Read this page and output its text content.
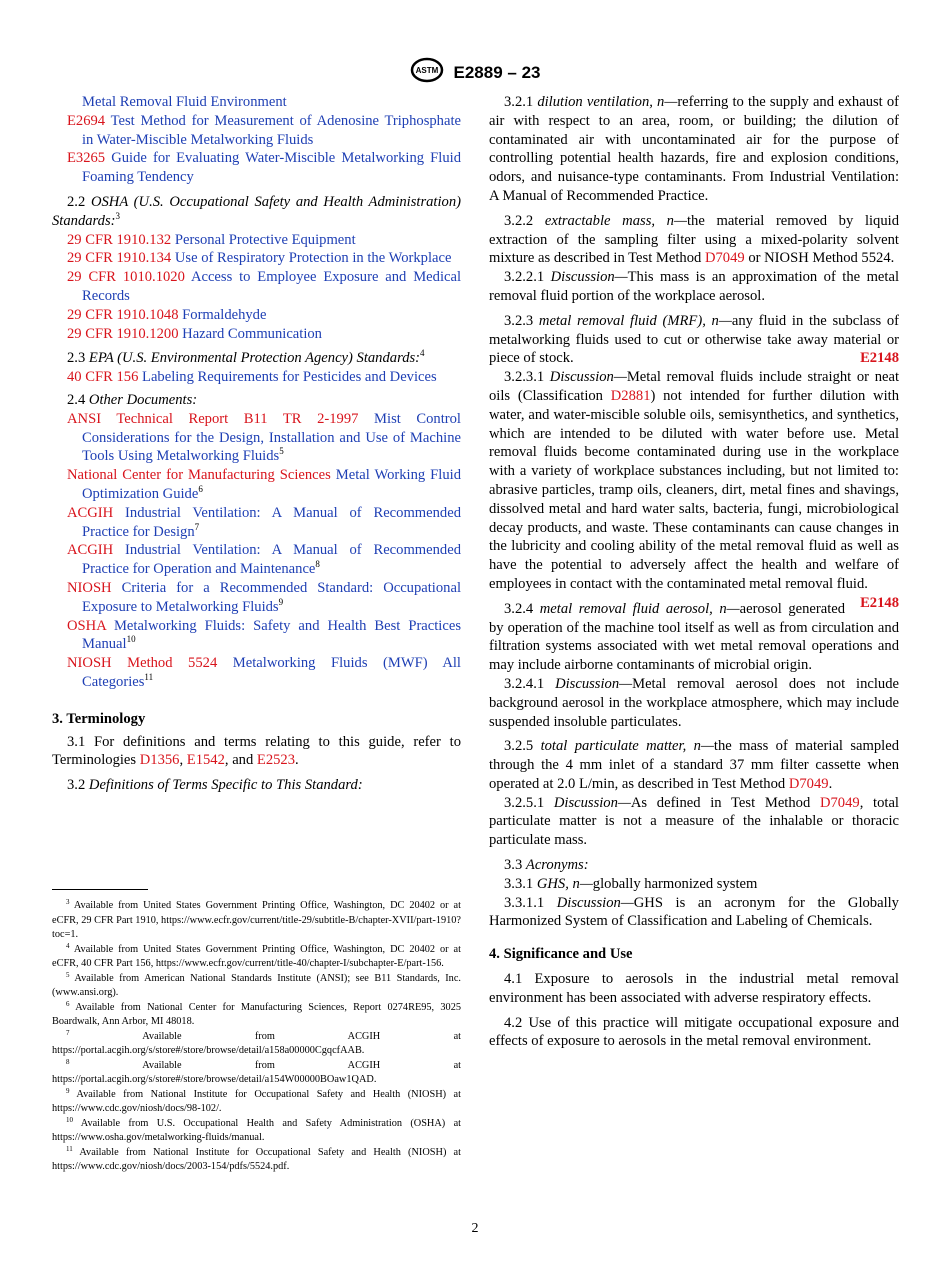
ASTM E2889 – 23

Metal Removal Fluid Environment

E2694 Test Method for Measurement of Adenosine Triphosphate in Water-Miscible Metalworking Fluids

E3265 Guide for Evaluating Water-Miscible Metalworking Fluid Foaming Tendency

2.2 OSHA (U.S. Occupational Safety and Health Administration) Standards:$^3$

29 CFR 1910.132 Personal Protective Equipment

29 CFR 1910.134 Use of Respiratory Protection in the Workplace

29 CFR 1010.1020 Access to Employee Exposure and Medical Records

29 CFR 1910.1048 Formaldehyde

29 CFR 1910.1200 Hazard Communication

2.3 EPA (U.S. Environmental Protection Agency) Standards:$^4$

40 CFR 156 Labeling Requirements for Pesticides and Devices

2.4 Other Documents:

ANSI Technical Report B11 TR 2-1997 Mist Control Considerations for the Design, Installation and Use of Machine Tools Using Metalworking Fluids$^5$

National Center for Manufacturing Sciences Metal Working Fluid Optimization Guide$^6$

ACGIH Industrial Ventilation: A Manual of Recommended Practice for Design$^7$

ACGIH Industrial Ventilation: A Manual of Recommended Practice for Operation and Maintenance$^8$

NIOSH Criteria for a Recommended Standard: Occupational Exposure to Metalworking Fluids$^9$

OSHA Metalworking Fluids: Safety and Health Best Practices Manual$^{10}$

NIOSH Method 5524 Metalworking Fluids (MWF) All Categories$^{11}$

3. Terminology

3.1 For definitions and terms relating to this guide, refer to Terminologies D1356, E1542, and E2523.

3.2 Definitions of Terms Specific to This Standard:

$^3$ Available from United States Government Printing Office, Washington, DC 20402 or at eCFR, 29 CFR Part 1910, https://www.ecfr.gov/current/title-29/subtitle-B/chapter-XVII/part-1910?toc=1.

$^4$ Available from United States Government Printing Office, Washington, DC 20402 or at eCFR, 40 CFR Part 156, https://www.ecfr.gov/current/title-40/chapter-I/subchapter-E/part-156.

$^5$ Available from American National Standards Institute (ANSI); see B11 Standards, Inc. (www.ansi.org).

$^6$ Available from National Center for Manufacturing Sciences, Report 0274RE95, 3025 Boardwalk, Ann Arbor, MI 48018.

$^7$	Available from ACGIH at https://portal.acgih.org/s/store#/store/browse/detail/a158a00000CgqcfAAB.

$^8$	Available from ACGIH at https://portal.acgih.org/s/store#/store/browse/detail/a154W00000BOaw1QAD.

$^9$ Available from National Institute for Occupational Safety and Health (NIOSH) at https://www.cdc.gov/niosh/docs/98-102/.

$^{10}$ Available from U.S. Occupational Health and Safety Administration (OSHA) at https://www.osha.gov/metalworking-fluids/manual.

$^{11}$ Available from National Institute for Occupational Safety and Health (NIOSH) at https://www.cdc.gov/niosh/docs/2003-154/pdfs/5524.pdf.

3.2.1 dilution ventilation, n—referring to the supply and exhaust of air with respect to an area, room, or building; the dilution of contaminated air with uncontaminated air for the purpose of controlling potential health hazards, fire and explosion conditions, odors, and nuisance-type contaminants. From Industrial Ventilation: A Manual of Recommended Practice.

3.2.2 extractable mass, n—the material removed by liquid extraction of the sampling filter using a mixed-polarity solvent mixture as described in Test Method D7049 or NIOSH Method 5524.

3.2.2.1 Discussion—This mass is an approximation of the metal removal fluid portion of the workplace aerosol.

3.2.3 metal removal fluid (MRF), n—any fluid in the subclass of metalworking fluids used to cut or otherwise take away material or piece of stock.	E2148

3.2.3.1 Discussion—Metal removal fluids include straight or neat oils (Classification D2881) not intended for further dilution with water, and water-miscible soluble oils, semisynthetics, and synthetics, which are intended to be diluted with water before use. Metal removal fluids become contaminated during use in the workplace with a variety of workplace substances including, but not limited to: abrasive particles, tramp oils, cleaners, dirt, metal fines and shavings, dissolved metal and hard water salts, bacteria, fungi, microbiological decay products, and waste. These contaminants can cause changes in the lubricity and cooling ability of the metal removal fluid as well as have the potential to adversely affect the health and welfare of employees in contact with the contaminated metal removal fluid.
E2148

3.2.4 metal removal fluid aerosol, n—aerosol generated by operation of the machine tool itself as well as from circulation and filtration systems associated with wet metal removal operations and may include airborne contaminants of microbial origin.

3.2.4.1 Discussion—Metal removal aerosol does not include background aerosol in the workplace atmosphere, which may include suspended insoluble particulates.

3.2.5 total particulate matter, n—the mass of material sampled through the 4 mm inlet of a standard 37 mm filter cassette when operated at 2.0 L/min, as described in Test Method D7049.

3.2.5.1 Discussion—As defined in Test Method D7049, total particulate matter is not a measure of the inhalable or thoracic particulate mass.

3.3 Acronyms:

3.3.1 GHS, n—globally harmonized system

3.3.1.1 Discussion—GHS is an acronym for the Globally Harmonized System of Classification and Labeling of Chemicals.

4. Significance and Use

4.1 Exposure to aerosols in the industrial metal removal environment has been associated with adverse respiratory effects.

4.2 Use of this practice will mitigate occupational exposure and effects of exposure to aerosols in the metal removal environment.

2
